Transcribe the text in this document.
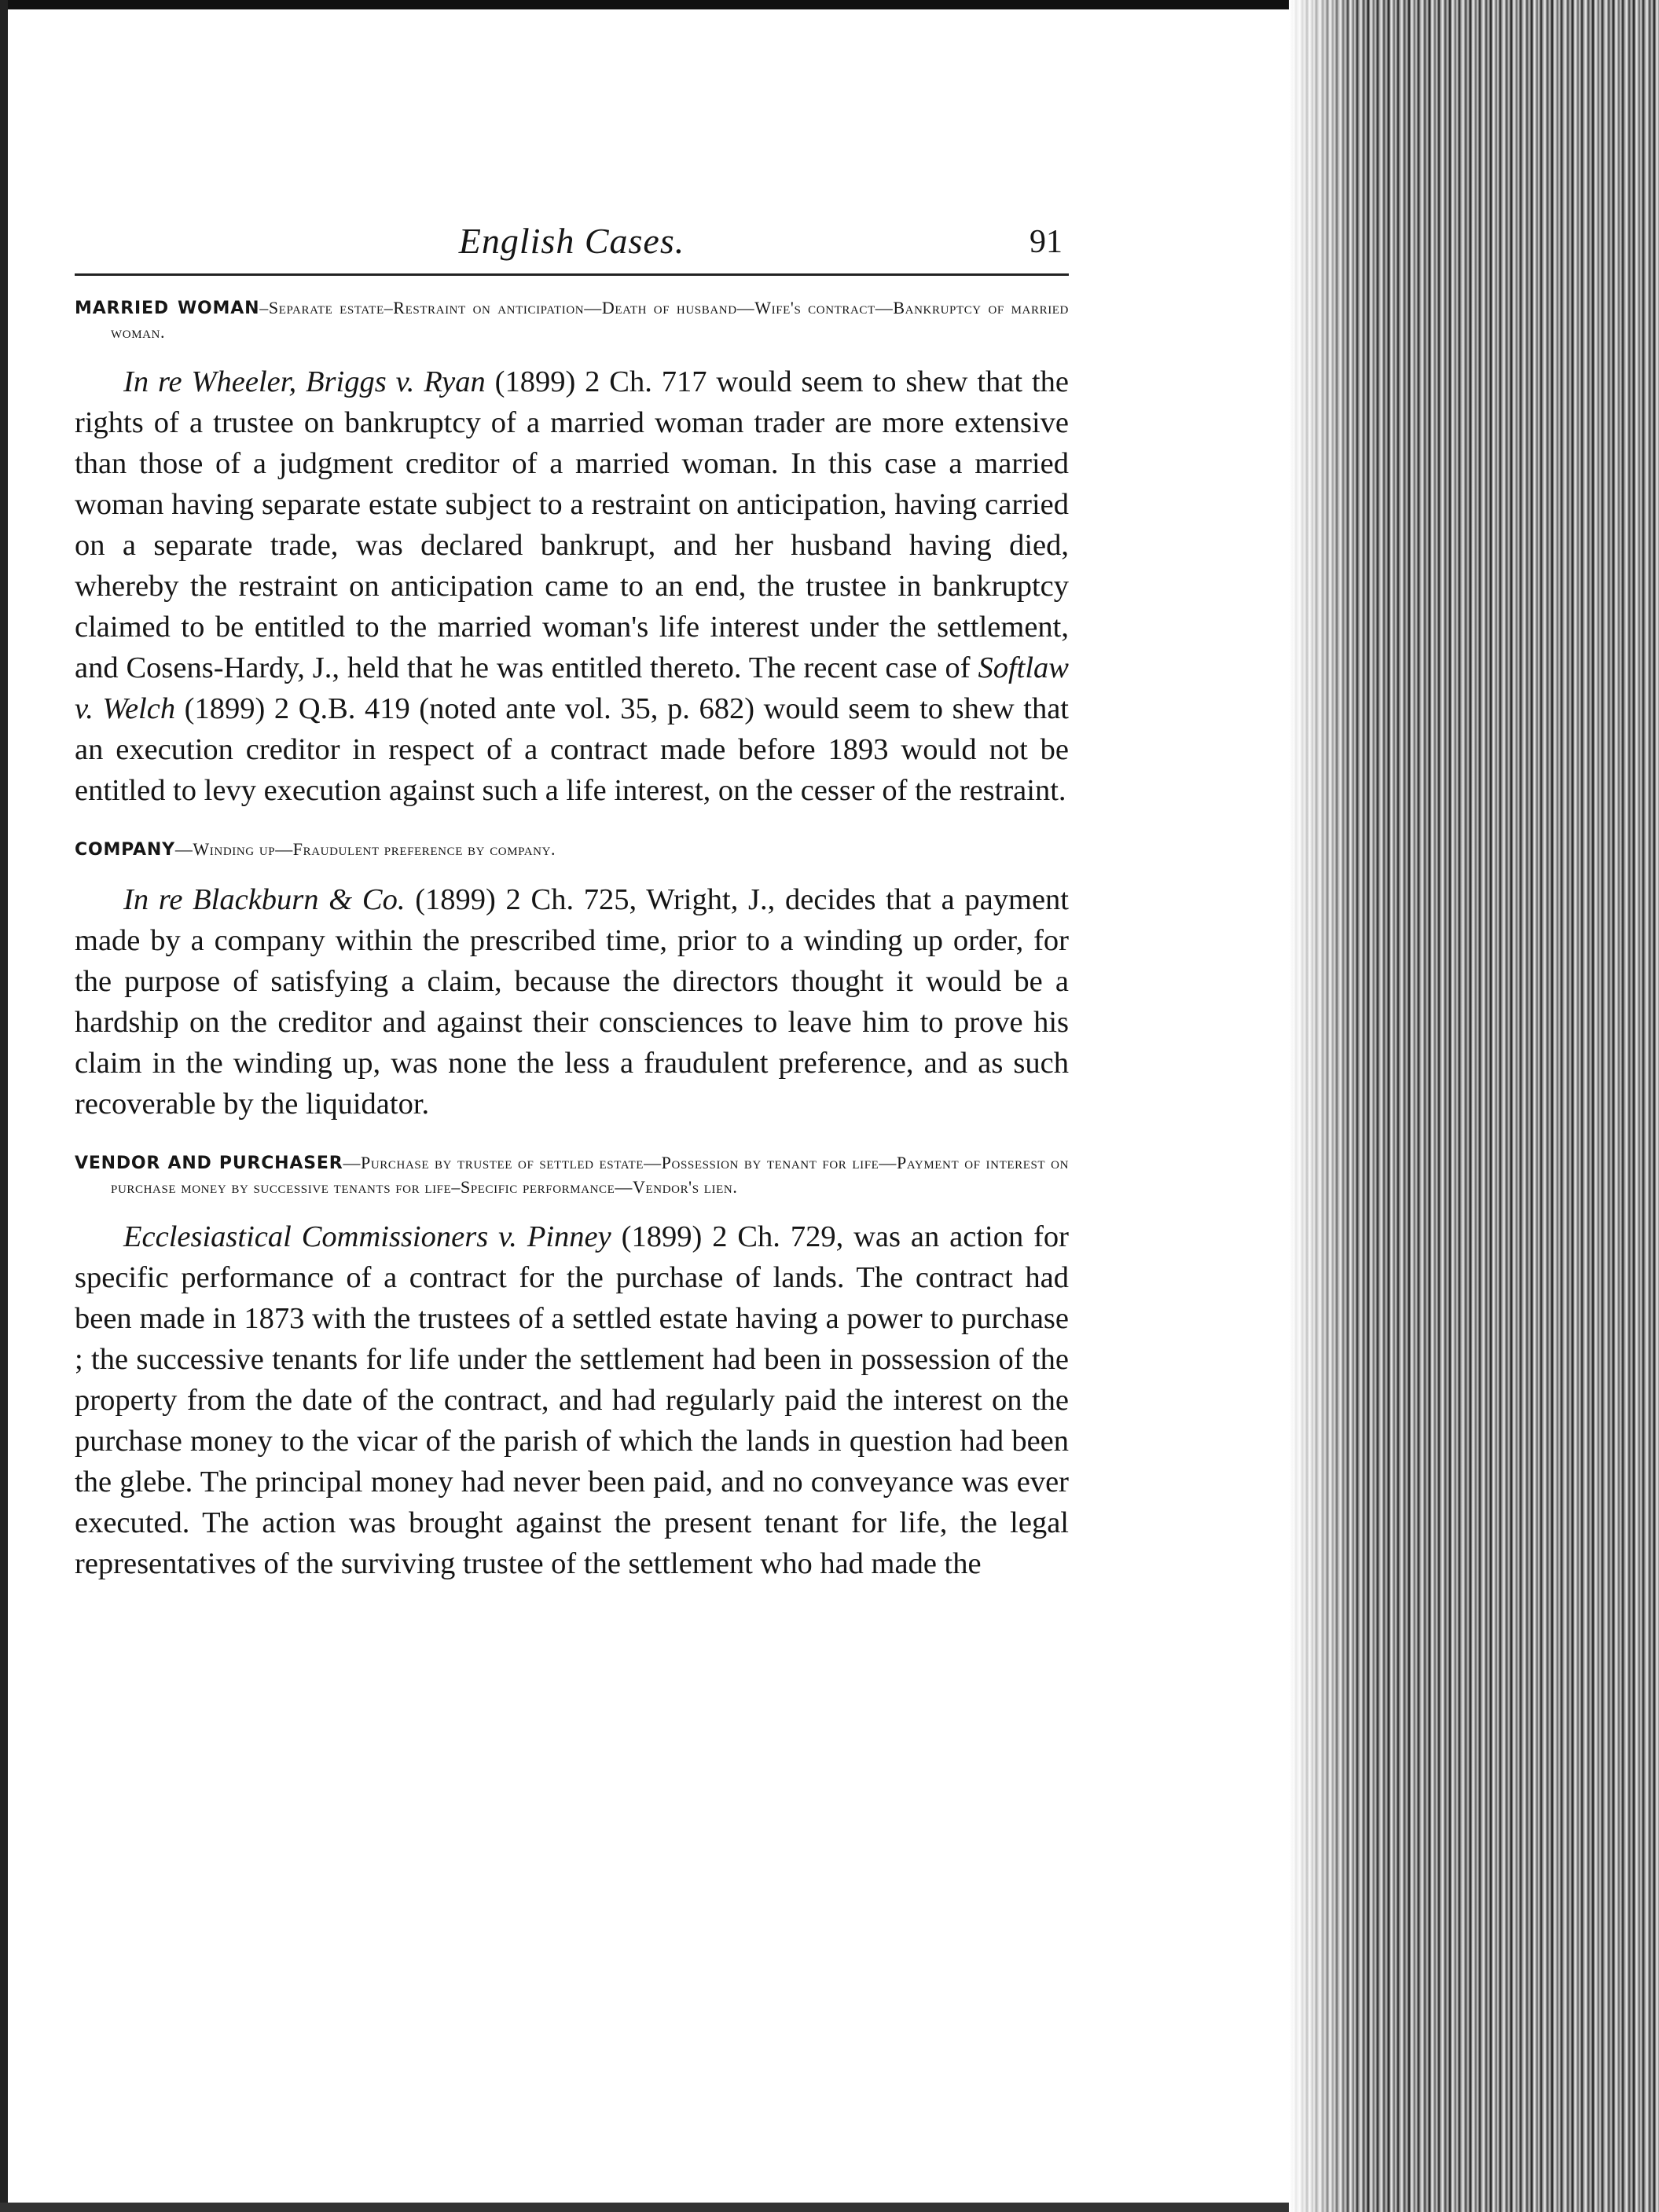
English Cases.	91

MARRIED WOMAN–Separate estate–Restraint on anticipation—Death of husband—Wife's contract—Bankruptcy of married woman.

In re Wheeler, Briggs v. Ryan (1899) 2 Ch. 717 would seem to shew that the rights of a trustee on bankruptcy of a married woman trader are more extensive than those of a judgment creditor of a married woman. In this case a married woman having separate estate subject to a restraint on anticipation, having carried on a separate trade, was declared bankrupt, and her husband having died, whereby the restraint on anticipation came to an end, the trustee in bankruptcy claimed to be entitled to the married woman's life interest under the settlement, and Cosens-Hardy, J., held that he was entitled thereto. The recent case of Softlaw v. Welch (1899) 2 Q.B. 419 (noted ante vol. 35, p. 682) would seem to shew that an execution creditor in respect of a contract made before 1893 would not be entitled to levy execution against such a life interest, on the cesser of the restraint.

COMPANY—Winding up—Fraudulent preference by company.

In re Blackburn & Co. (1899) 2 Ch. 725, Wright, J., decides that a payment made by a company within the prescribed time, prior to a winding up order, for the purpose of satisfying a claim, because the directors thought it would be a hardship on the creditor and against their consciences to leave him to prove his claim in the winding up, was none the less a fraudulent preference, and as such recoverable by the liquidator.

VENDOR AND PURCHASER—Purchase by trustee of settled estate—Possession by tenant for life—Payment of interest on purchase money by successive tenants for life–Specific performance—Vendor's lien.

Ecclesiastical Commissioners v. Pinney (1899) 2 Ch. 729, was an action for specific performance of a contract for the purchase of lands. The contract had been made in 1873 with the trustees of a settled estate having a power to purchase ; the successive tenants for life under the settlement had been in possession of the property from the date of the contract, and had regularly paid the interest on the purchase money to the vicar of the parish of which the lands in question had been the glebe. The principal money had never been paid, and no conveyance was ever executed. The action was brought against the present tenant for life, the legal representatives of the surviving trustee of the settlement who had made the
